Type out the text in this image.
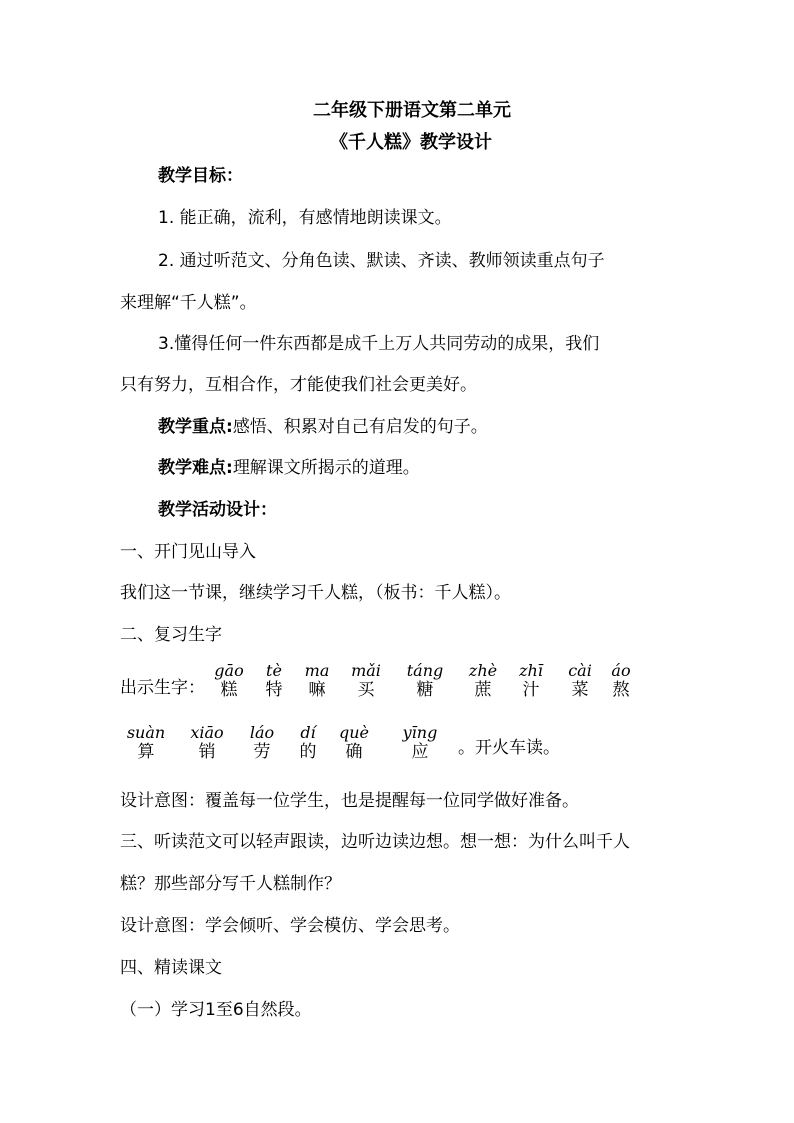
二年级下册语文第二单元
《千人糕》教学设计
教学目标：
1. 能正确，流利，有感情地朗读课文。
2. 通过听范文、分角色读、默读、齐读、教师领读重点句子
来理解“千人糕”。
3.懂得任何一件东西都是成千上万人共同劳动的成果，我们
只有努力，互相合作，才能使我们社会更美好。
教学重点:感悟、积累对自己有启发的句子。
教学难点:理解课文所揭示的道理。
教学活动设计：
一、开门见山导入
我们这一节课，继续学习千人糕，（板书：千人糕）。
二、复习生字
出示生字：
gāo
糕
tè
特
ma
嘛
mǎi
买
táng
糖
zhè
蔗
zhī
汁
cài
菜
áo
熬
suàn
算
xiāo
销
láo
劳
dí
的
què
确
yīng
应	。开火车读。
设计意图：覆盖每一位学生，也是提醒每一位同学做好准备。
三、听读范文可以轻声跟读，边听边读边想。想一想：为什么叫千人
糕？那些部分写千人糕制作？
设计意图：学会倾听、学会模仿、学会思考。
四、精读课文
（一）学习1至6自然段。
